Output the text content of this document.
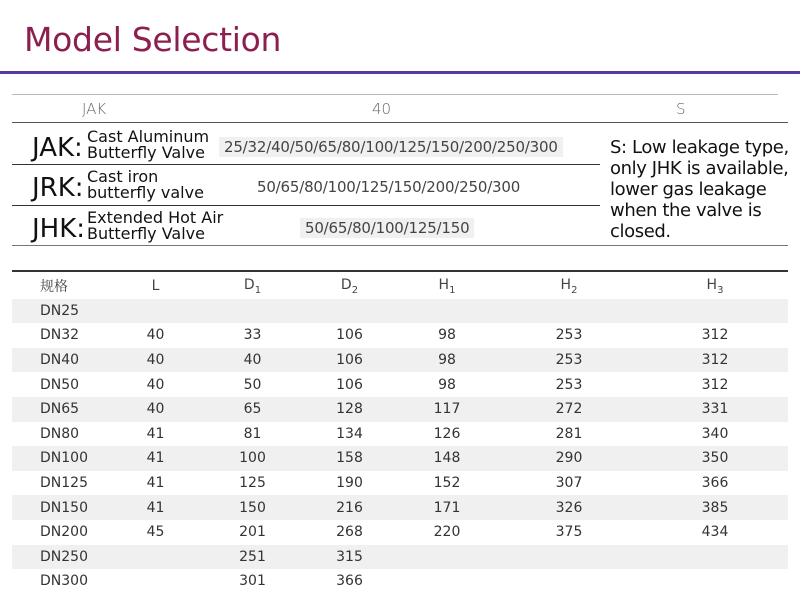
Model Selection
JAK	40	S
JAK: Cast Aluminum
Butterfly Valve	25/32/40/50/65/80/100/125/150/200/250/300
JRK: Cast iron
butterfly valve	50/65/80/100/125/150/200/250/300
JHK: Extended Hot Air
Butterfly Valve	50/65/80/100/125/150
S: Low leakage type,
only JHK is available,
lower gas leakage
when the valve is
closed.
规格	L	$D_1$	$D_2$	$H_1$	$H_2$	$H_3$
DN25						
DN32	40	33	106	98	253	312
DN40	40	40	106	98	253	312
DN50	40	50	106	98	253	312
DN65	40	65	128	117	272	331
DN80	41	81	134	126	281	340
DN100	41	100	158	148	290	350
DN125	41	125	190	152	307	366
DN150	41	150	216	171	326	385
DN200	45	201	268	220	375	434
DN250		251	315			
DN300		301	366			
